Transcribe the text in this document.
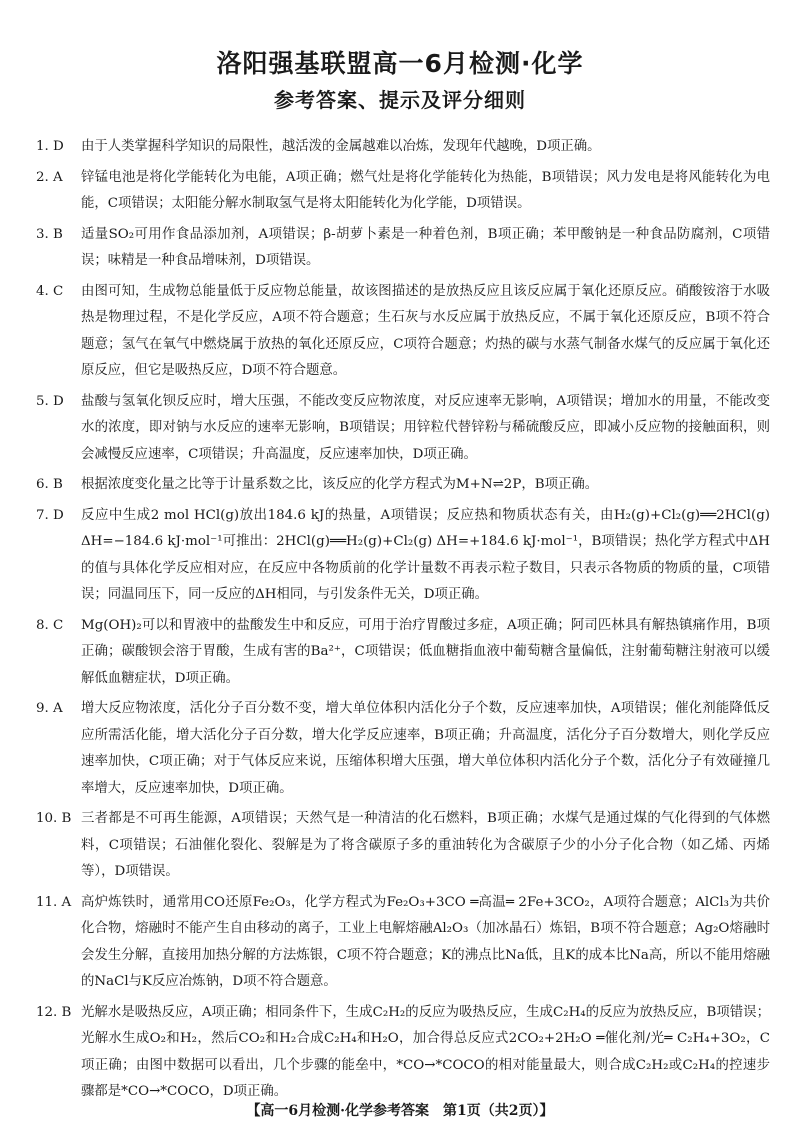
洛阳强基联盟高一6月检测·化学
参考答案、提示及评分细则
1. D	由于人类掌握科学知识的局限性，越活泼的金属越难以冶炼，发现年代越晚，D项正确。
2. A	锌锰电池是将化学能转化为电能，A项正确；燃气灶是将化学能转化为热能，B项错误；风力发电是将风能转化为电能，C项错误；太阳能分解水制取氢气是将太阳能转化为化学能，D项错误。
3. B	适量SO₂可用作食品添加剂，A项错误；β-胡萝卜素是一种着色剂，B项正确；苯甲酸钠是一种食品防腐剂，C项错误；味精是一种食品增味剂，D项错误。
4. C	由图可知，生成物总能量低于反应物总能量，故该图描述的是放热反应且该反应属于氧化还原反应。硝酸铵溶于水吸热是物理过程，不是化学反应，A项不符合题意；生石灰与水反应属于放热反应，不属于氧化还原反应，B项不符合题意；氢气在氧气中燃烧属于放热的氧化还原反应，C项符合题意；灼热的碳与水蒸气制备水煤气的反应属于氧化还原反应，但它是吸热反应，D项不符合题意。
5. D	盐酸与氢氧化钡反应时，增大压强，不能改变反应物浓度，对反应速率无影响，A项错误；增加水的用量，不能改变水的浓度，即对钠与水反应的速率无影响，B项错误；用锌粒代替锌粉与稀硫酸反应，即减小反应物的接触面积，则会减慢反应速率，C项错误；升高温度，反应速率加快，D项正确。
6. B	根据浓度变化量之比等于计量系数之比，该反应的化学方程式为M+N⇌2P，B项正确。
7. D	反应中生成2 mol HCl(g)放出184.6 kJ的热量，A项错误；反应热和物质状态有关，由H₂(g)+Cl₂(g)══2HCl(g) ΔH=−184.6 kJ·mol⁻¹可推出：2HCl(g)══H₂(g)+Cl₂(g) ΔH=+184.6 kJ·mol⁻¹，B项错误；热化学方程式中ΔH的值与具体化学反应相对应，在反应中各物质前的化学计量数不再表示粒子数目，只表示各物质的物质的量，C项错误；同温同压下，同一反应的ΔH相同，与引发条件无关，D项正确。
8. C	Mg(OH)₂可以和胃液中的盐酸发生中和反应，可用于治疗胃酸过多症，A项正确；阿司匹林具有解热镇痛作用，B项正确；碳酸钡会溶于胃酸，生成有害的Ba²⁺，C项错误；低血糖指血液中葡萄糖含量偏低，注射葡萄糖注射液可以缓解低血糖症状，D项正确。
9. A	增大反应物浓度，活化分子百分数不变，增大单位体积内活化分子个数，反应速率加快，A项错误；催化剂能降低反应所需活化能，增大活化分子百分数，增大化学反应速率，B项正确；升高温度，活化分子百分数增大，则化学反应速率加快，C项正确；对于气体反应来说，压缩体积增大压强，增大单位体积内活化分子个数，活化分子有效碰撞几率增大，反应速率加快，D项正确。
10. B 三者都是不可再生能源，A项错误；天然气是一种清洁的化石燃料，B项正确；水煤气是通过煤的气化得到的气体燃料，C项错误；石油催化裂化、裂解是为了将含碳原子多的重油转化为含碳原子少的小分子化合物（如乙烯、丙烯等），D项错误。
11. A 高炉炼铁时，通常用CO还原Fe₂O₃，化学方程式为Fe₂O₃+3CO ═高温═ 2Fe+3CO₂，A项符合题意；AlCl₃为共价化合物，熔融时不能产生自由移动的离子，工业上电解熔融Al₂O₃（加冰晶石）炼铝，B项不符合题意；Ag₂O熔融时会发生分解，直接用加热分解的方法炼银，C项不符合题意；K的沸点比Na低，且K的成本比Na高，所以不能用熔融的NaCl与K反应冶炼钠，D项不符合题意。
12. B 光解水是吸热反应，A项正确；相同条件下，生成C₂H₂的反应为吸热反应，生成C₂H₄的反应为放热反应，B项错误；光解水生成O₂和H₂，然后CO₂和H₂合成C₂H₄和H₂O，加合得总反应式2CO₂+2H₂O ═催化剂/光═ C₂H₄+3O₂，C项正确；由图中数据可以看出，几个步骤的能垒中，*CO→*COCO的相对能量最大，则合成C₂H₂或C₂H₄的控速步骤都是*CO→*COCO，D项正确。
【高一6月检测·化学参考答案　第1页（共2页）】
